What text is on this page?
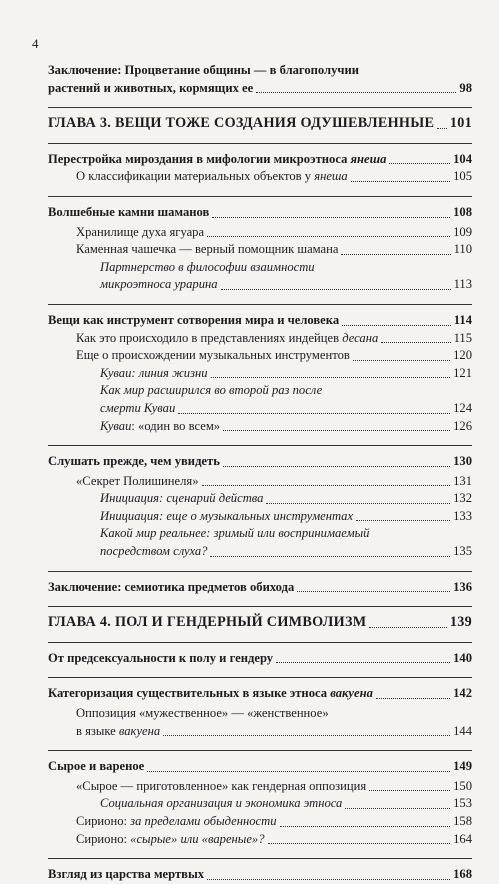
4
Заключение: Процветание общины — в благополучии
растений и животных, кормящих ее	98
ГЛАВА 3. ВЕЩИ ТОЖЕ СОЗДАНИЯ ОДУШЕВЛЕННЫЕ 101
Перестройка мироздания в мифологии микроэтноса янеша	104
О классификации материальных объектов у янеша	105
Волшебные камни шаманов	108
Хранилище духа ягуара	109
Каменная чашечка — верный помощник шамана	110
Партнерство в философии взаимности
микроэтноса урарина	113
Вещи как инструмент сотворения мира и человека	114
Как это происходило в представлениях индейцев десана	115
Еще о происхождении музыкальных инструментов	120
Куваи: линия жизни	121
Как мир расширился во второй раз после
смерти Куваи	124
Куваи: «один во всем»	126
Слушать прежде, чем увидеть	130
«Секрет Полишинеля»	131
Инициация: сценарий действа	132
Инициация: еще о музыкальных инструментах	133
Какой мир реальнее: зримый или воспринимаемый
посредством слуха?	135
Заключение: семиотика предметов обихода	136
ГЛАВА 4. ПОЛ И ГЕНДЕРНЫЙ СИМВОЛИЗМ	139
От предсексуальности к полу и гендеру	140
Категоризация существительных в языке этноса вакуена	142
Оппозиция «мужественное» — «женственное»
в языке вакуена	144
Сырое и вареное	149
«Сырое — приготовленное» как гендерная оппозиция	150
Социальная организация и экономика этноса	153
Сирионо: за пределами обыденности	158
Сирионо: «сырые» или «вареные»?	164
Взгляд из царства мертвых	168
